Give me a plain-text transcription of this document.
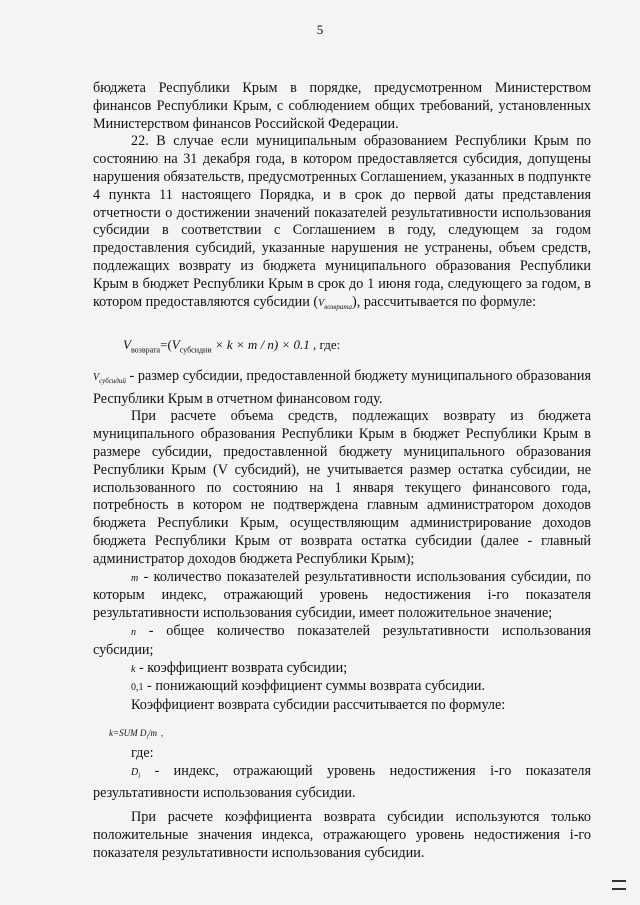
5

бюджета Республики Крым в порядке, предусмотренном Министерством финансов Республики Крым, с соблюдением общих требований, установленных Министерством финансов Российской Федерации.

22. В случае если муниципальным образованием Республики Крым по состоянию на 31 декабря года, в котором предоставляется субсидия, допущены нарушения обязательств, предусмотренных Соглашением, указанных в подпункте 4 пункта 11 настоящего Порядка, и в срок до первой даты представления отчетности о достижении значений показателей результативности использования субсидии в соответствии с Соглашением в году, следующем за годом предоставления субсидий, указанные нарушения не устранены, объем средств, подлежащих возврату из бюджета муниципального образования Республики Крым в бюджет Республики Крым в срок до 1 июня года, следующего за годом, в котором предоставляются субсидии $(V_{возврата})$, рассчитывается по формуле:

$V_{возврата}=(V_{субсидии} \times k \times m / n) \times 0.1$ , где:

$V_{субсидий}$ - размер субсидии, предоставленной бюджету муниципального образования Республики Крым в отчетном финансовом году.

При расчете объема средств, подлежащих возврату из бюджета муниципального образования Республики Крым в бюджет Республики Крым в размере субсидии, предоставленной бюджету муниципального образования Республики Крым (V субсидий), не учитывается размер остатка субсидии, не использованного по состоянию на 1 января текущего финансового года, потребность в котором не подтверждена главным администратором доходов бюджета Республики Крым, осуществляющим администрирование доходов бюджета Республики Крым от возврата остатка субсидии (далее - главный администратор доходов бюджета Республики Крым);

m - количество показателей результативности использования субсидии, по которым индекс, отражающий уровень недостижения i-го показателя результативности использования субсидии, имеет положительное значение;

n - общее количество показателей результативности использования субсидии;

k - коэффициент возврата субсидии;

0,1 - понижающий коэффициент суммы возврата субсидии.

Коэффициент возврата субсидии рассчитывается по формуле:

k=SUM $D_i/m$ ,

где:

$D_i$ - индекс, отражающий уровень недостижения i-го показателя результативности использования субсидии.

При расчете коэффициента возврата субсидии используются только положительные значения индекса, отражающего уровень недостижения i-го показателя результативности использования субсидии.
